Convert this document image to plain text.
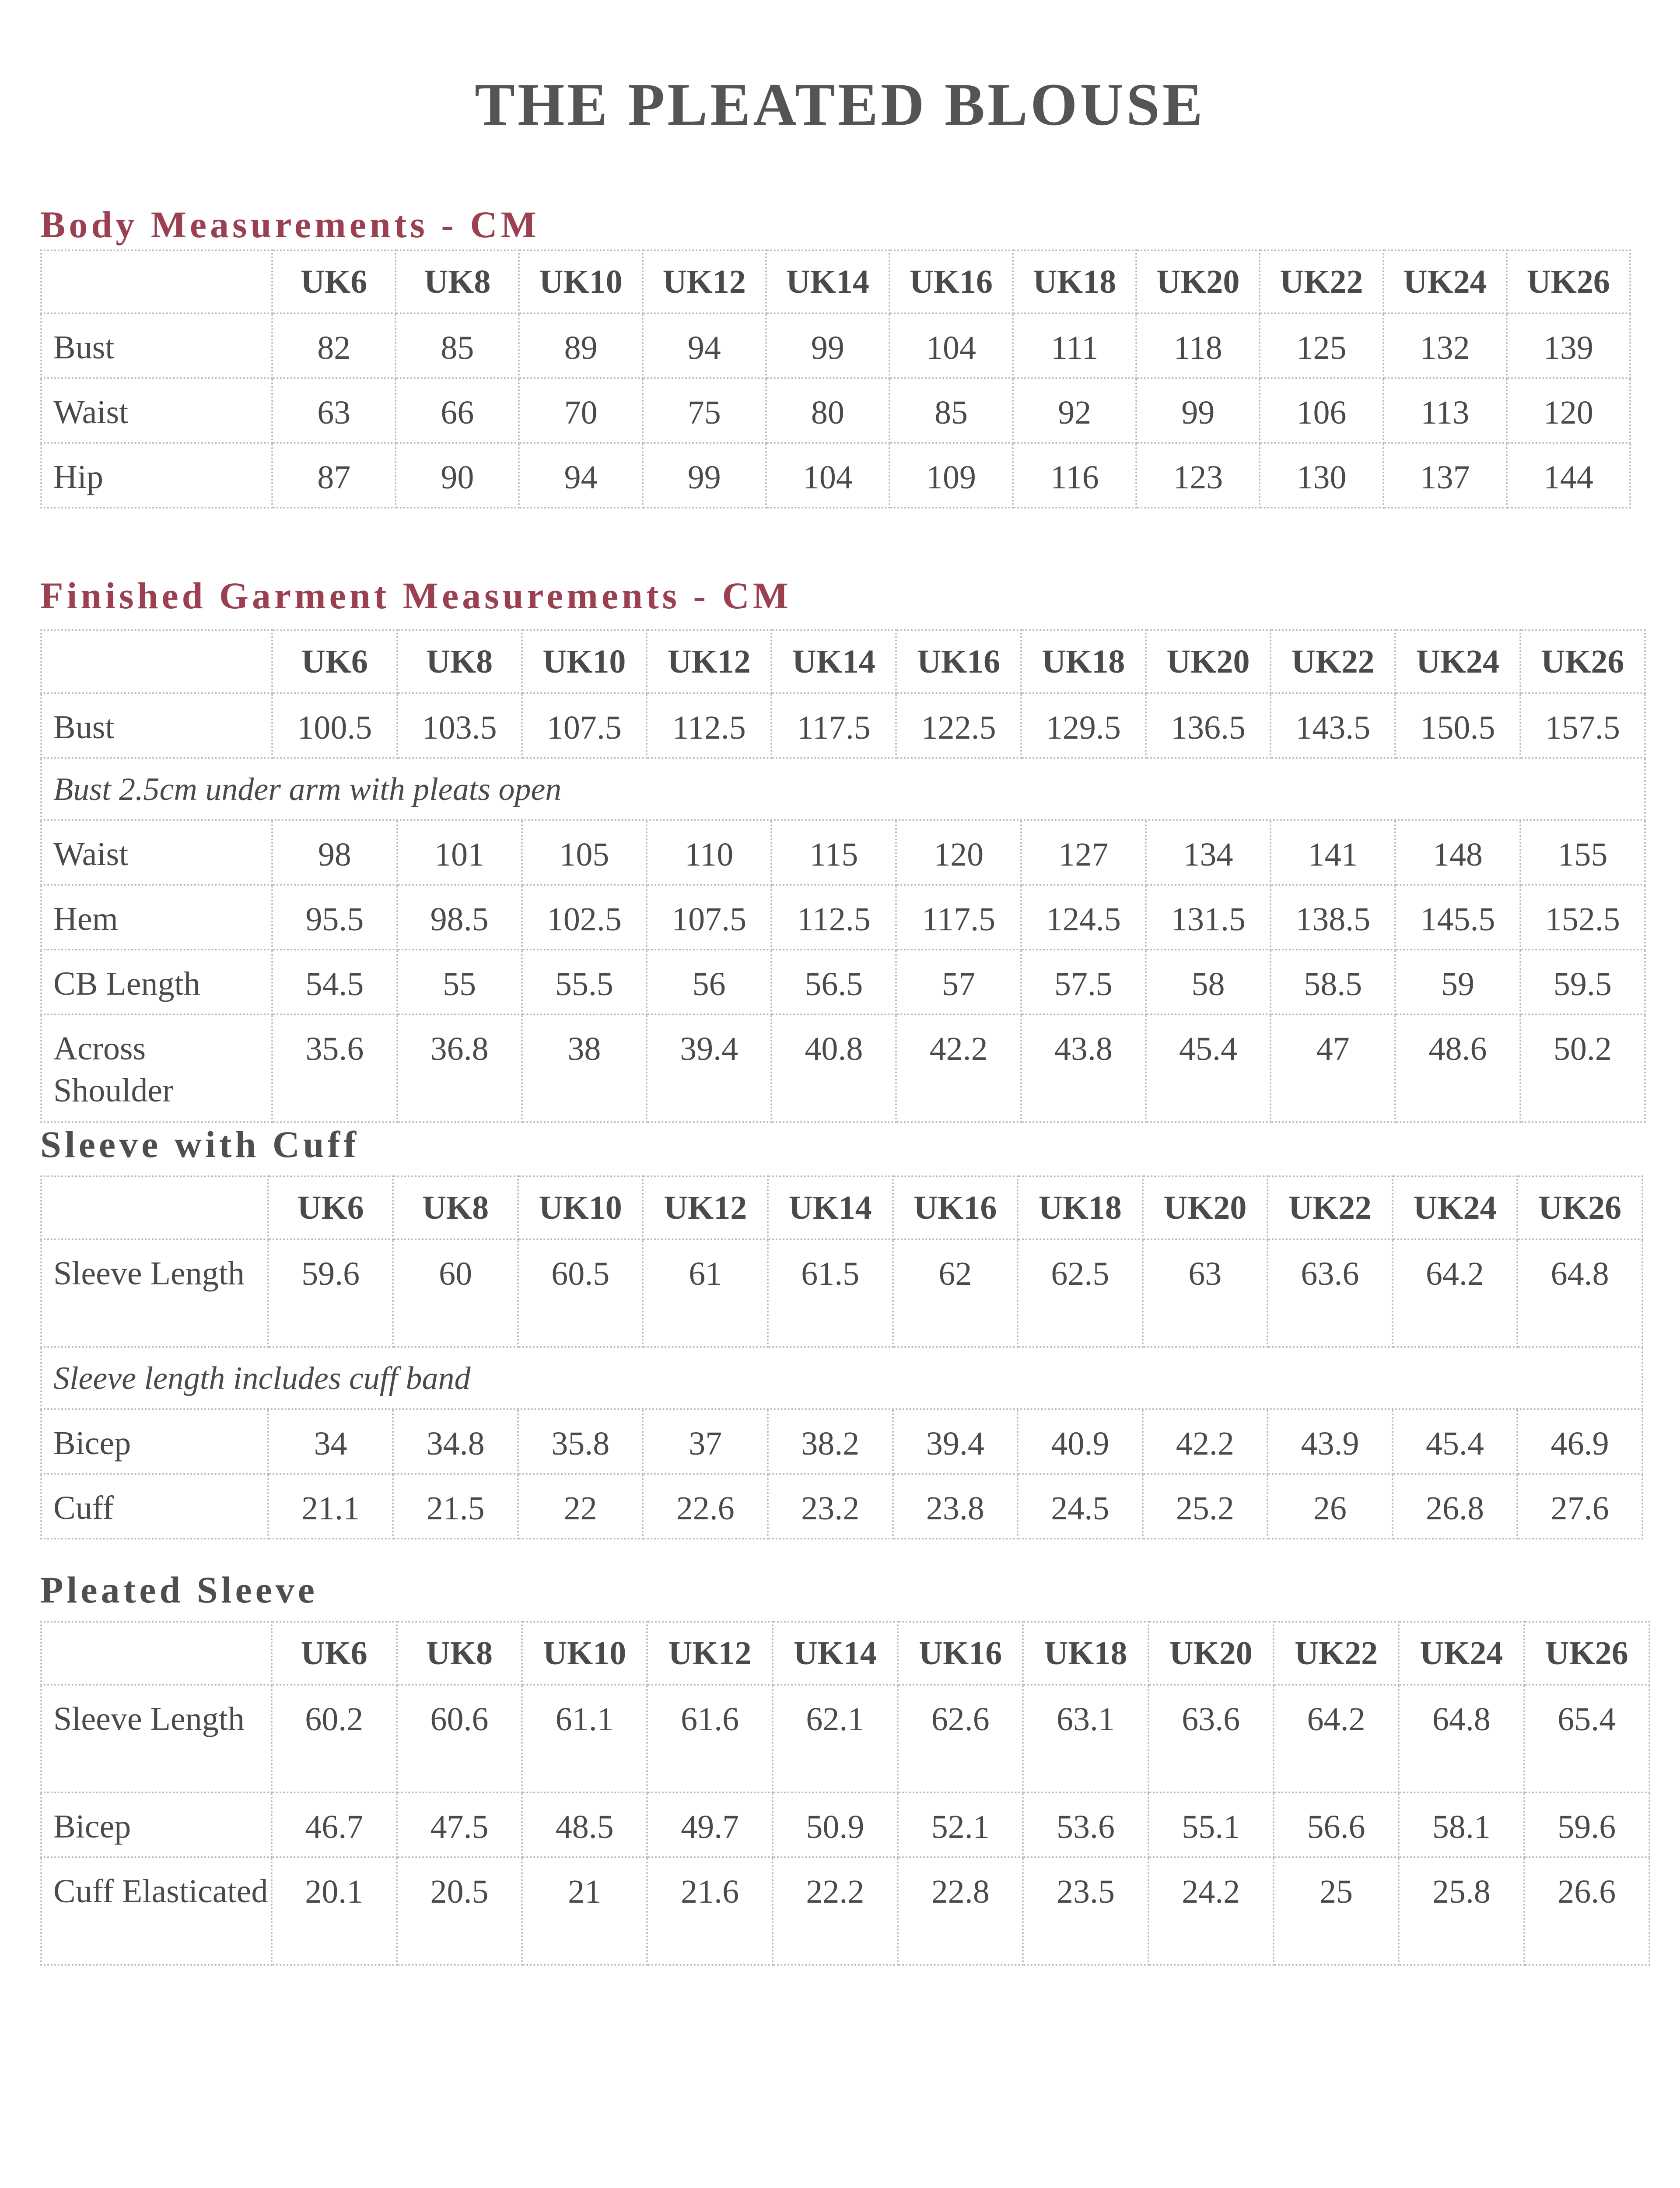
THE PLEATED BLOUSE
Body Measurements - CM
	UK6	UK8	UK10	UK12	UK14	UK16	UK18	UK20	UK22	UK24	UK26
Bust	82	85	89	94	99	104	111	118	125	132	139
Waist	63	66	70	75	80	85	92	99	106	113	120
Hip	87	90	94	99	104	109	116	123	130	137	144
Finished Garment Measurements - CM
	UK6	UK8	UK10	UK12	UK14	UK16	UK18	UK20	UK22	UK24	UK26
Bust	100.5	103.5	107.5	112.5	117.5	122.5	129.5	136.5	143.5	150.5	157.5
Bust 2.5cm under arm with pleats open											
Waist	98	101	105	110	115	120	127	134	141	148	155
Hem	95.5	98.5	102.5	107.5	112.5	117.5	124.5	131.5	138.5	145.5	152.5
CB Length	54.5	55	55.5	56	56.5	57	57.5	58	58.5	59	59.5
Across Shoulder	35.6	36.8	38	39.4	40.8	42.2	43.8	45.4	47	48.6	50.2
Sleeve with Cuff
	UK6	UK8	UK10	UK12	UK14	UK16	UK18	UK20	UK22	UK24	UK26
Sleeve Length	59.6	60	60.5	61	61.5	62	62.5	63	63.6	64.2	64.8
Sleeve length includes cuff band											
Bicep	34	34.8	35.8	37	38.2	39.4	40.9	42.2	43.9	45.4	46.9
Cuff	21.1	21.5	22	22.6	23.2	23.8	24.5	25.2	26	26.8	27.6
Pleated Sleeve
	UK6	UK8	UK10	UK12	UK14	UK16	UK18	UK20	UK22	UK24	UK26
Sleeve Length	60.2	60.6	61.1	61.6	62.1	62.6	63.1	63.6	64.2	64.8	65.4
Bicep	46.7	47.5	48.5	49.7	50.9	52.1	53.6	55.1	56.6	58.1	59.6
Cuff Elasticated	20.1	20.5	21	21.6	22.2	22.8	23.5	24.2	25	25.8	26.6
